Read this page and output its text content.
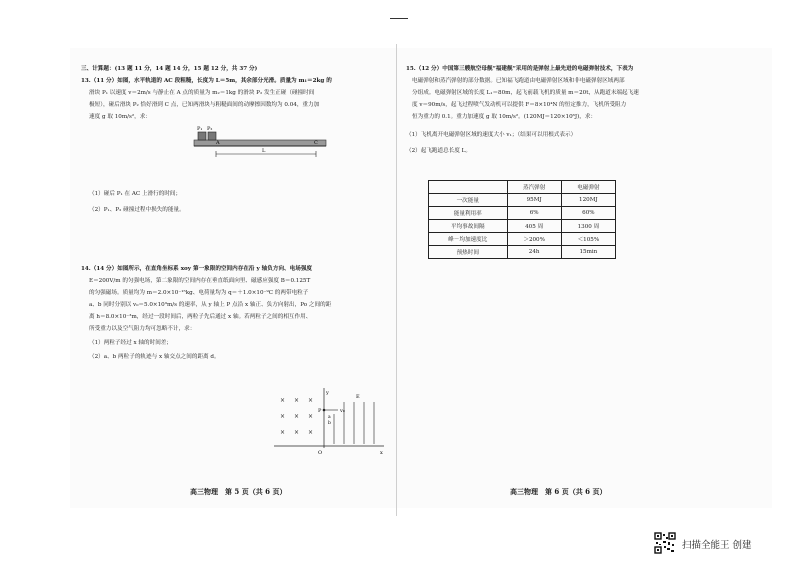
三、计算题：(13 题 11 分，14 题 14 分，15 题 12 分，共 37 分)
13.（11 分）如图，水平轨道的 AC 段粗糙，长度为 L＝5m，其余部分光滑。质量为 m₁＝2kg 的
滑块 P₁ 以速度 v＝2m/s 与静止在 A 点的质量为 m₂＝1kg 的滑块 P₂ 发生正碰（碰撞时间
极短），碰后滑块 P₂ 恰好滑到 C 点，已知两滑块与粗糙面间的动摩擦因数均为 0.04，重力加
速度 g 取 10m/s²，求：
P₁ P₂
A	C
L
（1）碰后 P₁ 在 AC 上滑行的时间；
（2）P₁、P₂ 碰撞过程中损失的能量。
14.（14 分）如图所示，在直角坐标系 xoy 第一象限的空间内存在沿 y 轴负方向、电场强度
E＝200V/m 的匀强电场，第二象限的空间内存在垂直纸面向里、磁感应强度 B＝0.125T
的匀强磁场。质量均为 m＝2.0×10⁻¹⁵kg、电荷量均为 q＝＋1.0×10⁻⁹C 的两带电粒子
a、b 同时分别以 v₀＝5.0×10³m/s 的速率，从 y 轴上 P 点沿 x 轴正、负方向射出，Po 之间的距
离 h＝8.0×10⁻³m，经过一段时间后，两粒子先后通过 x 轴。若两粒子之间的相互作用、
所受重力以及空气阻力均可忽略不计，求：
（1）两粒子经过 x 轴的时间差；
（2）a、b 两粒子的轨迹与 x 轴交点之间的距离 d。
× × ×
× × ×
× × ×
y
x
O
P	v₀
a
b
E
高三物理　第 5 页（共 6 页）
15.（12 分）中国第三艘航空母舰“福建舰”采用的是弹射上最先进的电磁弹射技术，下表为
电磁弹射和蒸汽弹射的部分数据。已知福飞跑道由电磁弹射区域和非电磁弹射区域两部
分组成。电磁弹射区域的长度 L₁＝80m，起飞前载飞机的质量 m＝20t，从跑道末端起飞速
度 v＝90m/s，起飞过程喷气发动机可以提供 F＝8×10⁴N 的恒定推力，飞机所受阻力
恒为重力的 0.1。重力加速度 g 取 10m/s²。(120MJ＝120×10⁶J)，求：
（1）飞机离开电磁弹射区域的速度大小 v₁；（结果可以用根式表示）
（2）起飞跑道总长度 L。
	蒸汽弹射	电磁弹射
一次能量	95MJ	120MJ
能量利用率	6%	60%
平均事故间隔	405 周	1300 周
峰－均加速度比	＞200%	＜105%
预热时间	24h	15min
高三物理　第 6 页（共 6 页）
扫描全能王 创建
